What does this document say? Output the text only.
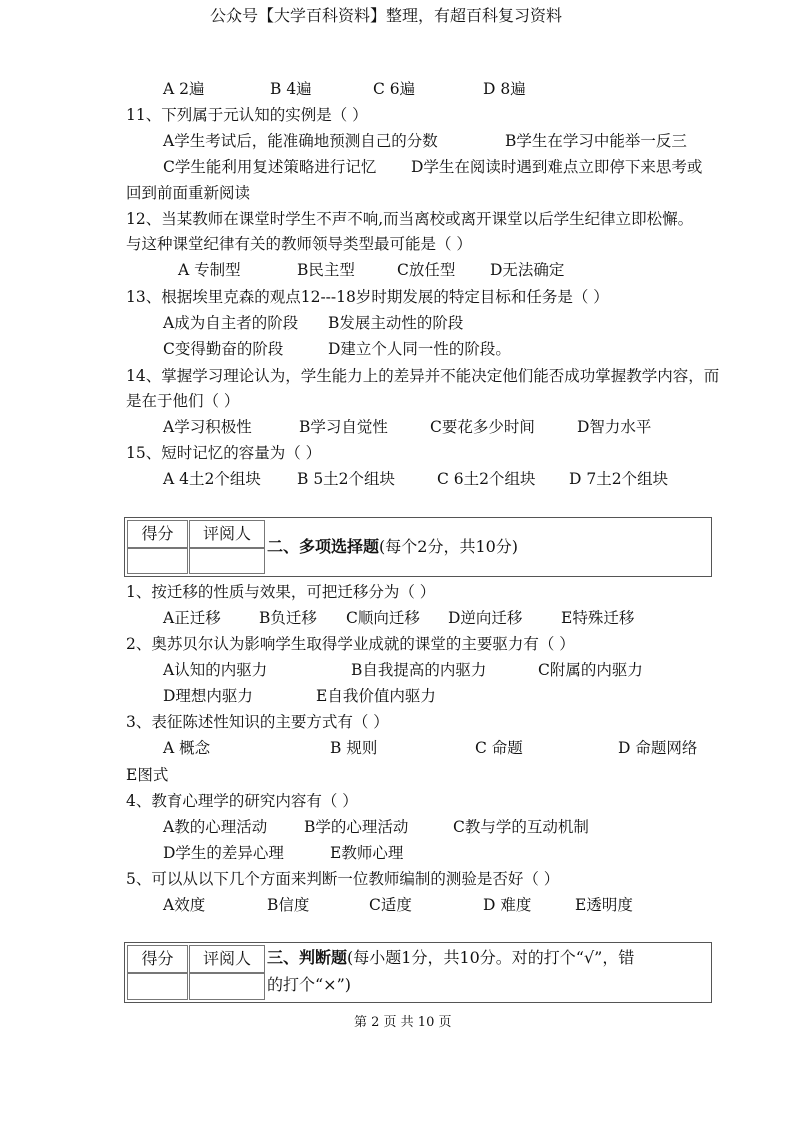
公众号【大学百科资料】整理，有超百科复习资料
A 2遍	B 4遍	C 6遍	D 8遍
11、下列属于元认知的实例是（ ）
A学生考试后，能准确地预测自己的分数	B学生在学习中能举一反三
C学生能利用复述策略进行记忆 D学生在阅读时遇到难点立即停下来思考或
回到前面重新阅读
12、当某教师在课堂时学生不声不响,而当离校或离开课堂以后学生纪律立即松懈。
与这种课堂纪律有关的教师领导类型最可能是（ ）
A 专制型	B民主型	C放任型 D无法确定
13、根据埃里克森的观点12---18岁时期发展的特定目标和任务是（ ）
A成为自主者的阶段 B发展主动性的阶段
C变得勤奋的阶段	D建立个人同一性的阶段。
14、掌握学习理论认为，学生能力上的差异并不能决定他们能否成功掌握教学内容，而
是在于他们（ ）
A学习积极性	B学习自觉性	C要花多少时间	D智力水平
15、短时记忆的容量为（ ）
A 4土2个组块 B 5土2个组块	C 6土2个组块 D 7土2个组块
得分	评阅人
二、多项选择题(每个2分，共10分)
1、按迁移的性质与效果，可把迁移分为（ ）
A正迁移 B负迁移 C顺向迁移 D逆向迁移 E特殊迁移
2、奥苏贝尔认为影响学生取得学业成就的课堂的主要驱力有（ ）
A认知的内驱力	B自我提高的内驱力	C附属的内驱力
D理想内驱力	E自我价值内驱力
3、表征陈述性知识的主要方式有（ ）
A 概念	B 规则	C 命题	D 命题网络
E图式
4、教育心理学的研究内容有（ ）
A教的心理活动 B学的心理活动	C教与学的互动机制
D学生的差异心理	E教师心理
5、可以从以下几个方面来判断一位教师编制的测验是否好（ ）
A效度	B信度	C适度	D 难度	E透明度
得分	评阅人	三、判断题(每小题1分，共10分。对的打个“√”，错
的打个“×”)
第 2 页 共 10 页
